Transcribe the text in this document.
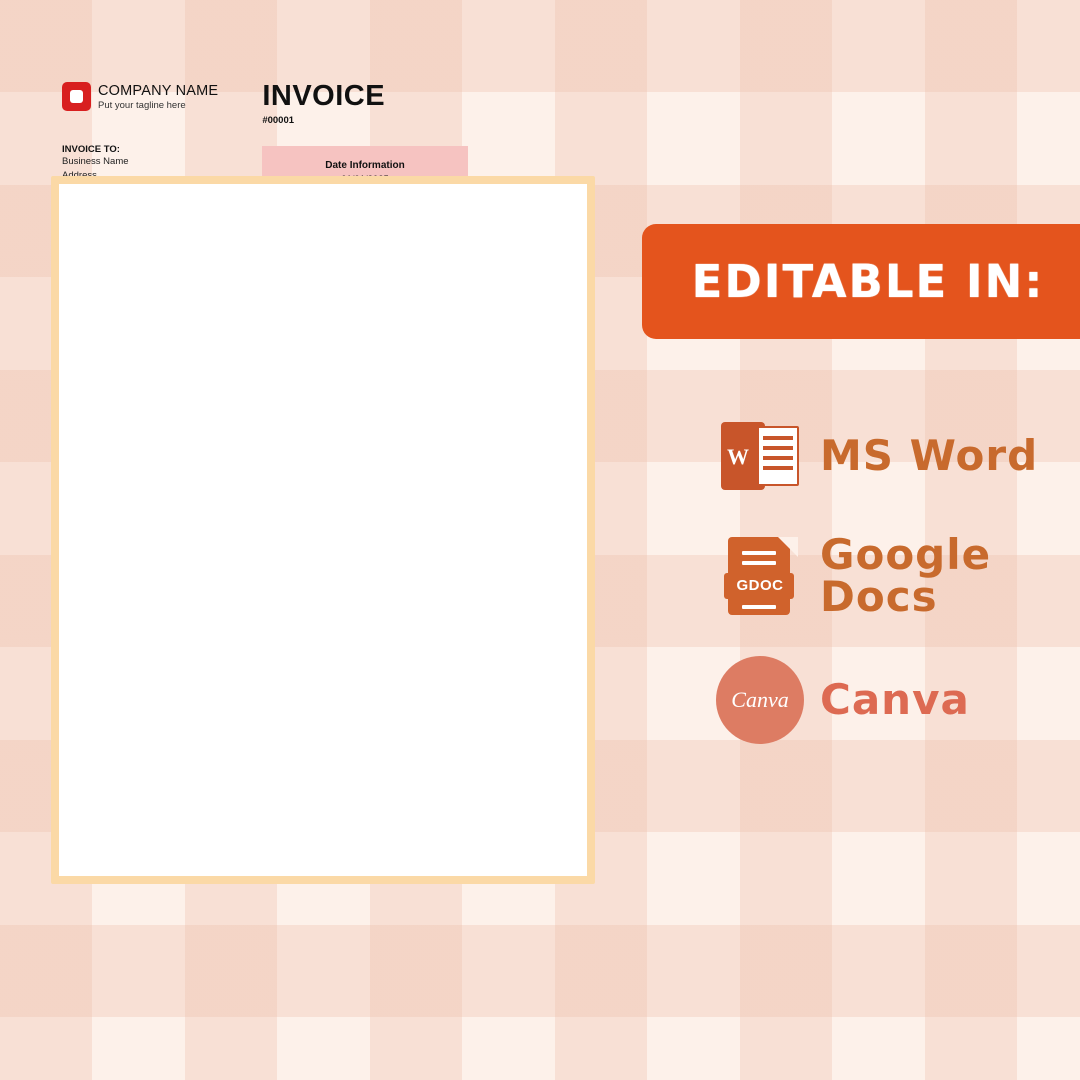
COMPANY NAME
Put your tagline here	INVOICE
#00001
INVOICE TO:
Business Name	Date Information

EDITABLE IN:
W MS Word
GDOC
Google Docs
Canva Canva
